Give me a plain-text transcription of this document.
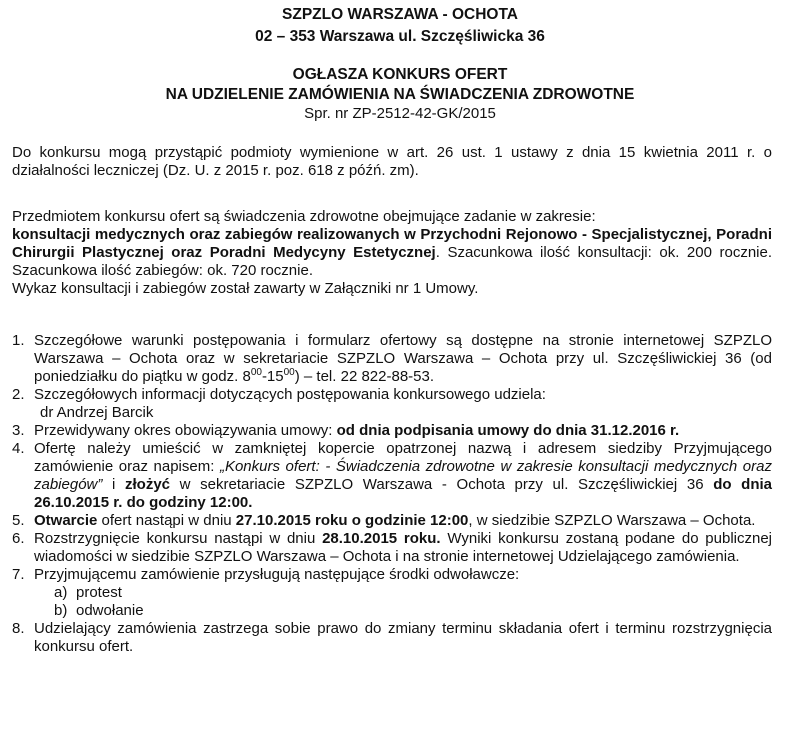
SZPZLO WARSZAWA - OCHOTA
02 – 353 Warszawa ul. Szczęśliwicka 36
OGŁASZA KONKURS OFERT
NA UDZIELENIE ZAMÓWIENIA NA ŚWIADCZENIA ZDROWOTNE
Spr. nr ZP-2512-42-GK/2015
Do konkursu mogą przystąpić podmioty wymienione w art. 26 ust. 1 ustawy z dnia 15 kwietnia 2011 r. o działalności leczniczej (Dz. U. z 2015 r. poz. 618 z późń. zm).
Przedmiotem konkursu ofert są świadczenia zdrowotne obejmujące zadanie w zakresie:
konsultacji medycznych oraz zabiegów realizowanych w Przychodni Rejonowo - Specjalistycznej, Poradni Chirurgii Plastycznej oraz Poradni Medycyny Estetycznej. Szacunkowa ilość konsultacji: ok. 200 rocznie. Szacunkowa ilość zabiegów: ok. 720 rocznie.
Wykaz konsultacji i zabiegów został zawarty w Załączniki nr 1 Umowy.
1. Szczegółowe warunki postępowania i formularz ofertowy są dostępne na stronie internetowej SZPZLO Warszawa – Ochota oraz w sekretariacie SZPZLO Warszawa – Ochota przy ul. Szczęśliwickiej 36 (od poniedziałku do piątku w godz. $8^{00}-15^{00}$) – tel. 22 822-88-53.
2. Szczegółowych informacji dotyczących postępowania konkursowego udziela:
dr Andrzej Barcik
3. Przewidywany okres obowiązywania umowy: od dnia podpisania umowy do dnia 31.12.2016 r.
4. Ofertę należy umieścić w zamkniętej kopercie opatrzonej nazwą i adresem siedziby Przyjmującego zamówienie oraz napisem: „Konkurs ofert: - Świadczenia zdrowotne w zakresie konsultacji medycznych oraz zabiegów” i złożyć w sekretariacie SZPZLO Warszawa - Ochota przy ul. Szczęśliwickiej 36 do dnia 26.10.2015 r. do godziny 12:00.
5. Otwarcie ofert nastąpi w dniu 27.10.2015 roku o godzinie 12:00, w siedzibie SZPZLO Warszawa – Ochota.
6. Rozstrzygnięcie konkursu nastąpi w dniu 28.10.2015 roku. Wyniki konkursu zostaną podane do publicznej wiadomości w siedzibie SZPZLO Warszawa – Ochota i na stronie internetowej Udzielającego zamówienia.
7. Przyjmującemu zamówienie przysługują następujące środki odwoławcze:
a) protest
b) odwołanie
8. Udzielający zamówienia zastrzega sobie prawo do zmiany terminu składania ofert i terminu rozstrzygnięcia konkursu ofert.
